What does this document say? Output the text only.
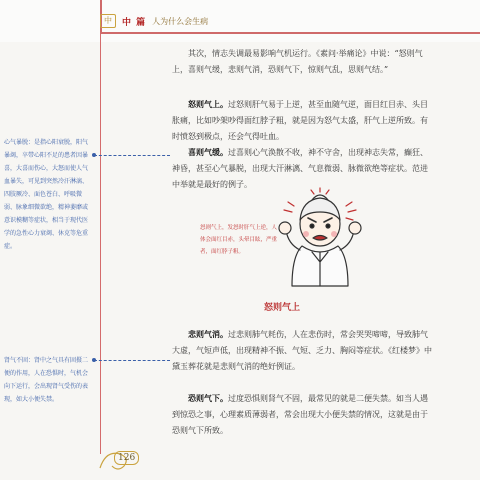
中	中 篇 人为什么会生病

其次，情志失调最易影响气机运行。《素问·举痛论》中说：“怒则气上，喜则气缓，悲则气消，恐则气下，惊则气乱，思则气结。”

怒则气上。过怒则肝气易于上逆，甚至血随气逆，面目红目赤、头目胀痛，比如吵架吵得面红脖子粗，就是因为怒气太盛，肝气上逆所致。有时愤怒到极点，还会气得吐血。

喜则气缓。过喜则心气涣散不收，神不守舍，出现神志失常，癫狂、神昏，甚至心气暴脱，出现大汗淋漓、气息微弱、脉微欲绝等症状。范进中举就是最好的例子。

悲则气消。过悲则肺气耗伤，人在悲伤时，常会哭哭啼啼，导致肺气大虚，气短声低，出现精神不振、气短、乏力、胸闷等症状。《红楼梦》中黛玉葬花就是悲则气消的绝好例证。

恐则气下。过度恐惧则肾气不固，最常见的就是二便失禁。如当人遇到惊恐之事，心理素质薄弱者，常会出现大小便失禁的情况，这就是由于恐则气下所致。

心气暴脱：是指心阳衰脱，阳气暴竭，卒带心阳不足的患者因暴喜，大喜而伤心，大怒而使人气血暴失，可见到突然冷汗淋漓、四肢厥冷、面色苍白、呼吸微弱、脉象细微欲绝，精神萎靡或意识模糊等症状，相当于现代医学的急性心力衰竭、休克等危重症。

肾气不固：肾中之气具有固摄二便的作用，人在恐惧时，气机会向下运行，会出现肾气受伤的表现，如大小便失禁。

怒则气上，发怒时肝气上逆，人体会面红目赤，头晕目眩，严重者，面红脖子粗。

怒则气上
126
